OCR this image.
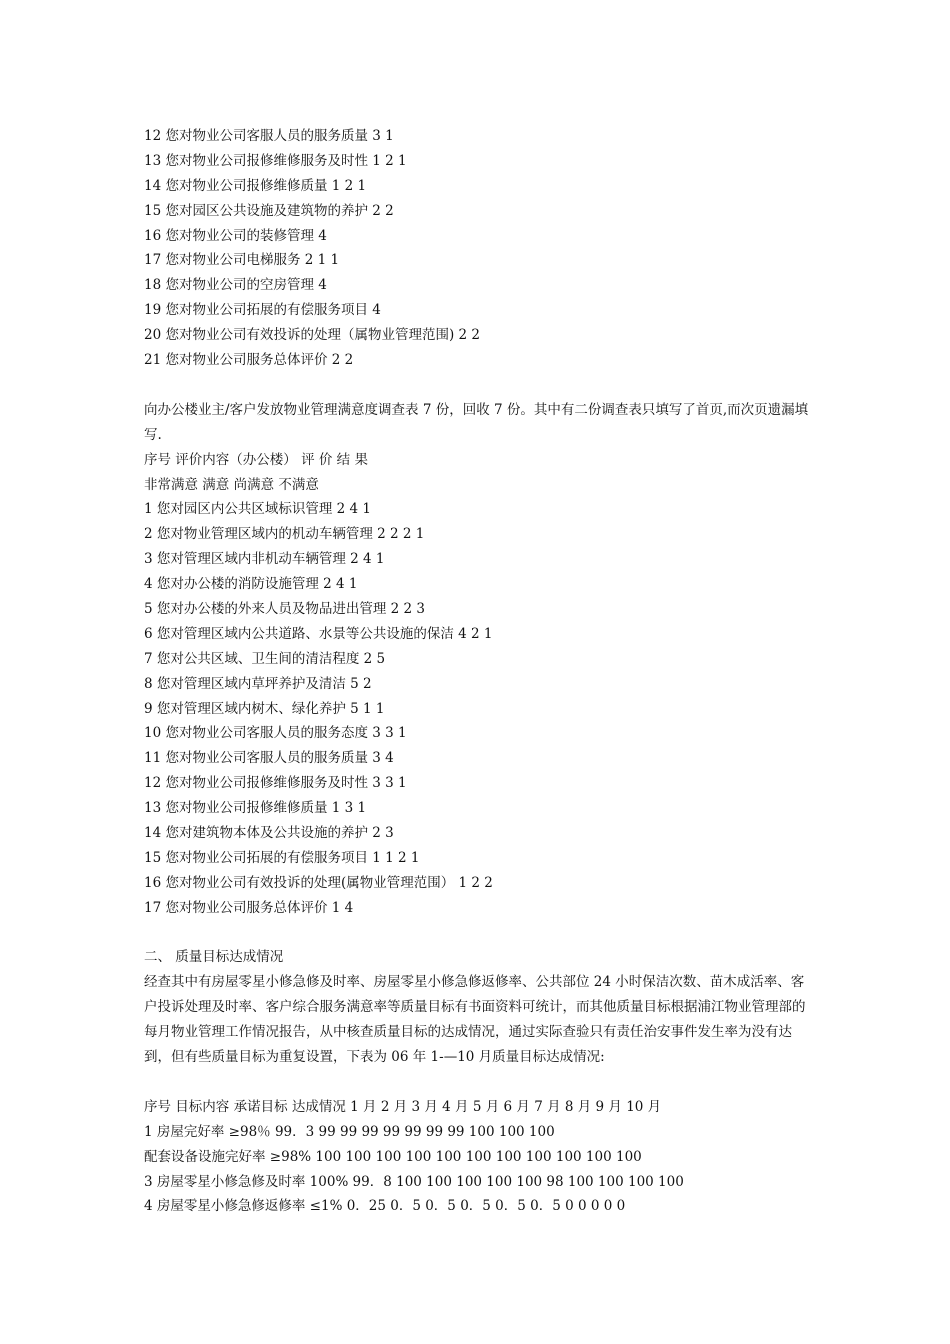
12 您对物业公司客服人员的服务质量 3 1
13 您对物业公司报修维修服务及时性 1 2 1
14 您对物业公司报修维修质量 1 2 1
15 您对园区公共设施及建筑物的养护 2 2
16 您对物业公司的装修管理 4
17 您对物业公司电梯服务 2 1 1
18 您对物业公司的空房管理 4
19 您对物业公司拓展的有偿服务项目 4
20 您对物业公司有效投诉的处理（属物业管理范围) 2 2
21 您对物业公司服务总体评价 2 2
向办公楼业主/客户发放物业管理满意度调查表 7 份，回收 7 份。其中有二份调查表只填写了首页,而次页遗漏填写.
序号 评价内容（办公楼） 评 价 结 果
非常满意 满意 尚满意 不满意
1 您对园区内公共区域标识管理 2 4 1
2 您对物业管理区域内的机动车辆管理 2 2 2 1
3 您对管理区域内非机动车辆管理 2 4 1
4 您对办公楼的消防设施管理 2 4 1
5 您对办公楼的外来人员及物品进出管理 2 2 3
6 您对管理区域内公共道路、水景等公共设施的保洁 4 2 1
7 您对公共区域、卫生间的清洁程度 2 5
8 您对管理区域内草坪养护及清洁 5 2
9 您对管理区域内树木、绿化养护 5 1 1
10 您对物业公司客服人员的服务态度 3 3 1
11 您对物业公司客服人员的服务质量 3 4
12 您对物业公司报修维修服务及时性 3 3 1
13 您对物业公司报修维修质量 1 3 1
14 您对建筑物本体及公共设施的养护 2 3
15 您对物业公司拓展的有偿服务项目 1 1 2 1
16 您对物业公司有效投诉的处理(属物业管理范围） 1 2 2
17 您对物业公司服务总体评价 1 4
二、 质量目标达成情况
经查其中有房屋零星小修急修及时率、房屋零星小修急修返修率、公共部位 24 小时保洁次数、苗木成活率、客户投诉处理及时率、客户综合服务满意率等质量目标有书面资料可统计，而其他质量目标根据浦江物业管理部的每月物业管理工作情况报告，从中核查质量目标的达成情况，通过实际查验只有责任治安事件发生率为没有达到，但有些质量目标为重复设置，下表为 06 年 1-—10 月质量目标达成情况:
序号 目标内容 承诺目标 达成情况 1 月 2 月 3 月 4 月 5 月 6 月 7 月 8 月 9 月 10 月
1 房屋完好率 ≥98％ 99．3 99 99 99 99 99 99 99 100 100 100
配套设备设施完好率 ≥98% 100 100 100 100 100 100 100 100 100 100 100
3 房屋零星小修急修及时率 100% 99．8 100 100 100 100 100 98 100 100 100 100
4 房屋零星小修急修返修率 ≤1% 0．25 0．5 0．5 0．5 0．5 0．5 0 0 0 0 0
